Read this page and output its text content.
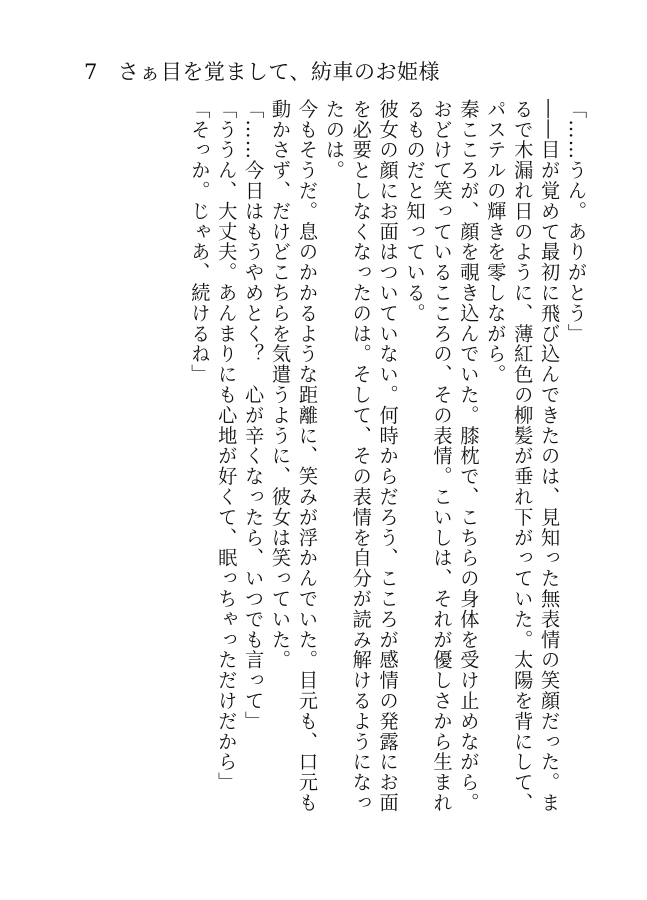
7 さぁ目を覚まして、紡車のお姫様

「……うん。ありがとう」

――目が覚めて最初に飛び込んできたのは、見知った無表情の笑顔だった。まるで木漏れ日のように、薄紅色の柳髪が垂れ下がっていた。太陽を背にして、パステルの輝きを零しながら。

秦こころが、顔を覗き込んでいた。膝枕で、こちらの身体を受け止めながら。おどけて笑っているこころの、その表情。こいしは、それが優しさから生まれるものだと知っている。

彼女の顔にお面はついていない。何時からだろう、こころが感情の発露にお面を必要としなくなったのは。そして、その表情を自分が読み解けるようになったのは。

今もそうだ。息のかかるような距離に、笑みが浮かんでいた。目元も、口元も動かさず、だけどこちらを気遣うように、彼女は笑っていた。

「……今日はもうやめとく？　心が辛くなったら、いつでも言って」

「ううん、大丈夫。あんまりにも心地が好くて、眠っちゃっただけだから」

「そっか。じゃあ、続けるね」
